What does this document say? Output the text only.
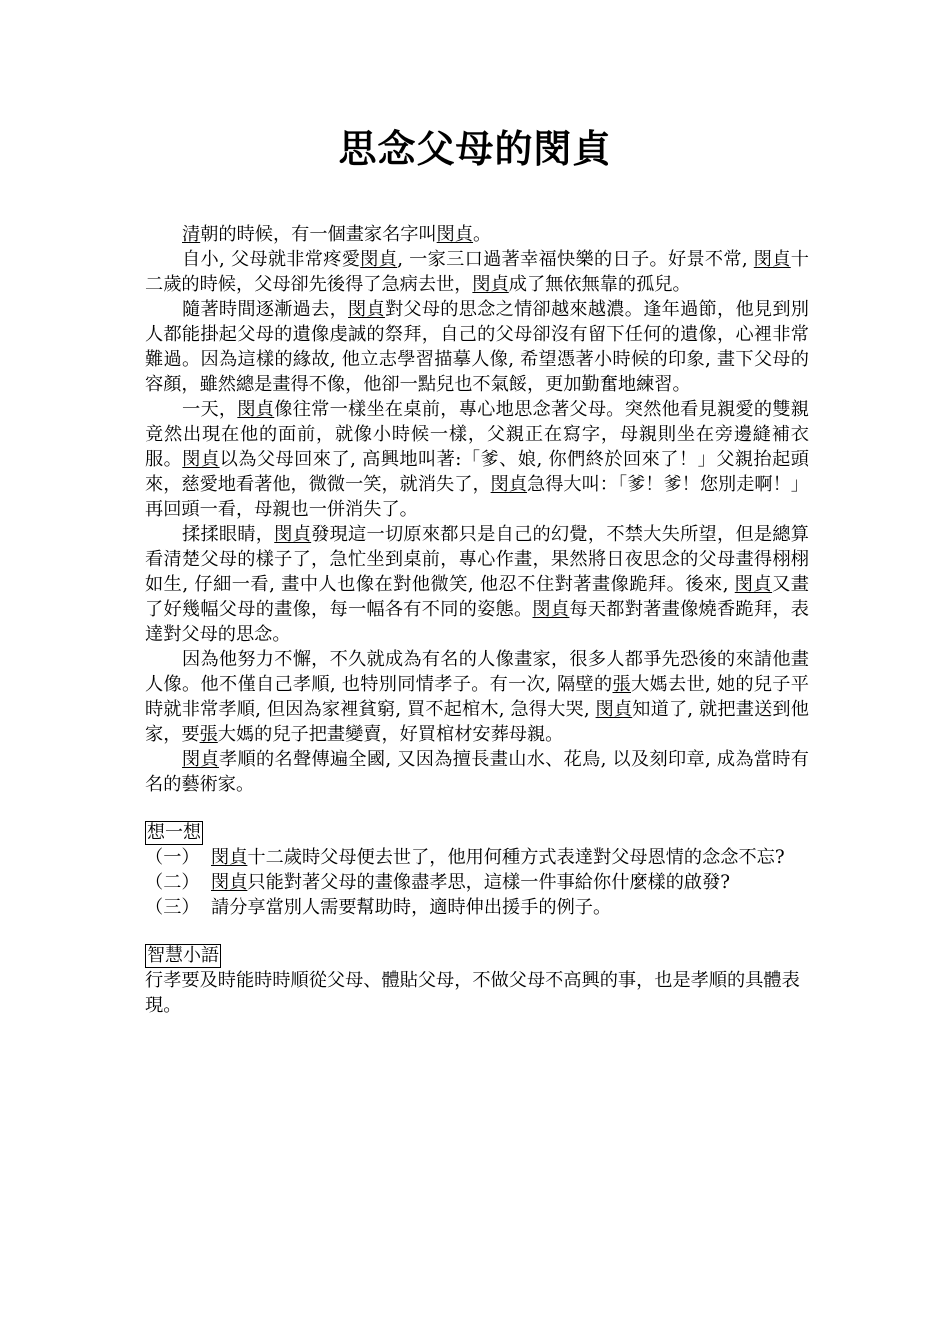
思念父母的閔貞

清朝的時候，有一個畫家名字叫閔貞。

自小, 父母就非常疼愛閔貞, 一家三口過著幸福快樂的日子。好景不常, 閔貞十二歲的時候，父母卻先後得了急病去世，閔貞成了無依無靠的孤兒。

隨著時間逐漸過去，閔貞對父母的思念之情卻越來越濃。逢年過節，他見到別人都能掛起父母的遺像虔誠的祭拜，自己的父母卻沒有留下任何的遺像，心裡非常難過。因為這樣的緣故, 他立志學習描摹人像, 希望憑著小時候的印象, 畫下父母的容顏，雖然總是畫得不像，他卻一點兒也不氣餒，更加勤奮地練習。

一天，閔貞像往常一樣坐在桌前，專心地思念著父母。突然他看見親愛的雙親竟然出現在他的面前，就像小時候一樣，父親正在寫字，母親則坐在旁邊縫補衣服。閔貞以為父母回來了, 高興地叫著:「爹、娘, 你們終於回來了！」父親抬起頭來，慈愛地看著他，微微一笑，就消失了，閔貞急得大叫：「爹！爹！您別走啊！」再回頭一看，母親也一併消失了。

揉揉眼睛，閔貞發現這一切原來都只是自己的幻覺，不禁大失所望，但是總算看清楚父母的樣子了，急忙坐到桌前，專心作畫，果然將日夜思念的父母畫得栩栩如生, 仔細一看, 畫中人也像在對他微笑, 他忍不住對著畫像跪拜。後來, 閔貞又畫了好幾幅父母的畫像，每一幅各有不同的姿態。閔貞每天都對著畫像燒香跪拜，表達對父母的思念。

因為他努力不懈，不久就成為有名的人像畫家，很多人都爭先恐後的來請他畫人像。他不僅自己孝順, 也特別同情孝子。有一次, 隔壁的張大媽去世, 她的兒子平時就非常孝順, 但因為家裡貧窮, 買不起棺木, 急得大哭, 閔貞知道了, 就把畫送到他家，要張大媽的兒子把畫變賣，好買棺材安葬母親。

閔貞孝順的名聲傳遍全國, 又因為擅長畫山水、花鳥, 以及刻印章, 成為當時有名的藝術家。

想一想
（一） 閔貞十二歲時父母便去世了，他用何種方式表達對父母恩情的念念不忘?
（二） 閔貞只能對著父母的畫像盡孝思，這樣一件事給你什麼樣的啟發?
（三） 請分享當別人需要幫助時，適時伸出援手的例子。
智慧小語

行孝要及時能時時順從父母、體貼父母，不做父母不高興的事，也是孝順的具體表現。
